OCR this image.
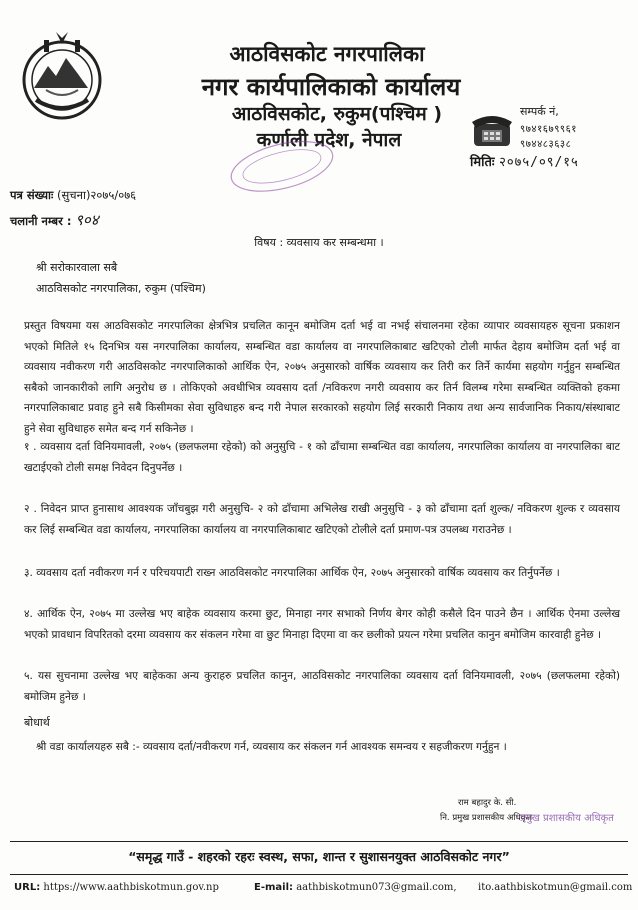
आठविसकोट नगरपालिका
नगर कार्यपालिकाको कार्यालय
आठविसकोट, रुकुम(पश्चिम )
कर्णाली प्रदेश, नेपाल
सम्पर्क नं,
९७४१६७९९६१
९७४४८३६३८
मितिः २०७५/०९/१५
पत्र संख्याः (सुचना)२०७५/०७६
चलानी नम्बर : ९०४
विषय : व्यवसाय कर सम्बन्धमा ।
श्री सरोकारवाला सबै
आठविसकोट नगरपालिका, रुकुम (पश्चिम)
प्रस्तुत विषयमा यस आठविसकोट नगरपालिका क्षेत्रभित्र प्रचलित कानून बमोजिम दर्ता भई वा नभई संचालनमा रहेका व्यापार व्यवसायहरु सूचना प्रकाशन भएको मितिले १५ दिनभित्र यस नगरपालिका कार्यालय, सम्बन्धित वडा कार्यालय वा नगरपालिकाबाट खटिएको टोली मार्फत देहाय बमोजिम दर्ता भई वा व्यवसाय नवीकरण गरी आठविसकोट नगरपालिकाको आर्थिक ऐन, २०७५ अनुसारको वार्षिक व्यवसाय कर तिरी कर तिर्ने कार्यमा सहयोग गर्नुहुन सम्बन्धित सबैको जानकारीको लागि अनुरोध छ । तोकिएको अवधीभित्र व्यवसाय दर्ता /नविकरण नगरी व्यवसाय कर तिर्न विलम्ब गरेमा सम्बन्धित व्यक्तिको हकमा नगरपालिकाबाट प्रवाह हुने सबै किसीमका सेवा सुविधाहरु बन्द गरी नेपाल सरकारको सहयोग लिई सरकारी निकाय तथा अन्य सार्वजानिक निकाय/संस्थाबाट हुने सेवा सुविधाहरु समेत बन्द गर्न सकिनेछ ।
१ . व्यवसाय दर्ता विनियमावली, २०७५ (छलफलमा रहेको) को अनुसुचि - १ को ढाँचामा सम्बन्धित वडा कार्यालय, नगरपालिका कार्यालय वा नगरपालिका बाट खटाईएको टोली समक्ष निवेदन दिनुपर्नेछ ।
२ . निवेदन प्राप्त हुनासाथ आवश्यक जाँचबुझ गरी अनुसुचि- २ को ढाँचामा अभिलेख राखी अनुसुचि - ३ को ढाँचामा दर्ता शुल्क/ नविकरण शुल्क र व्यवसाय कर लिई सम्बन्धित वडा कार्यालय, नगरपालिका कार्यालय वा नगरपालिकाबाट खटिएको टोलीले दर्ता प्रमाण-पत्र उपलब्ध गराउनेछ ।
३. व्यवसाय दर्ता नवीकरण गर्न र परिचयपाटी राख्न आठविसकोट नगरपालिका आर्थिक ऐन, २०७५ अनुसारको वार्षिक व्यवसाय कर तिर्नुपर्नेछ ।
४. आर्थिक ऐन, २०७५ मा उल्लेख भए बाहेक व्यवसाय करमा छुट, मिनाहा नगर सभाको निर्णय बेगर कोही कसैले दिन पाउने छैन । आर्थिक ऐनमा उल्लेख भएको प्रावधान विपरितको दरमा व्यवसाय कर संकलन गरेमा वा छुट मिनाहा दिएमा वा कर छलीको प्रयत्न गरेमा प्रचलित कानुन बमोजिम कारवाही हुनेछ ।
५. यस सुचनामा उल्लेख भए बाहेकका अन्य कुराहरु प्रचलित कानुन, आठविसकोट नगरपालिका व्यवसाय दर्ता विनियमावली, २०७५ (छलफलमा रहेको) बमोजिम हुनेछ ।
बोधार्थ
श्री वडा कार्यालयहरु सबै :- व्यवसाय दर्ता/नवीकरण गर्न, व्यवसाय कर संकलन गर्न आवश्यक समन्वय र सहजीकरण गर्नुहुन ।
राम बहादुर के. सी.
नि. प्रमुख प्रशासकीय अधिकृत
प्रमुख प्रशासकीय अधिकृत
“समृद्ध गाउँ - शहरको रहरः स्वस्थ, सफा, शान्त र सुशासनयुक्त आठविसकोट नगर”
URL: https://www.aathbiskotmun.gov.np	E-mail: aathbiskotmun073@gmail.com, ito.aathbiskotmun@gmail.com
